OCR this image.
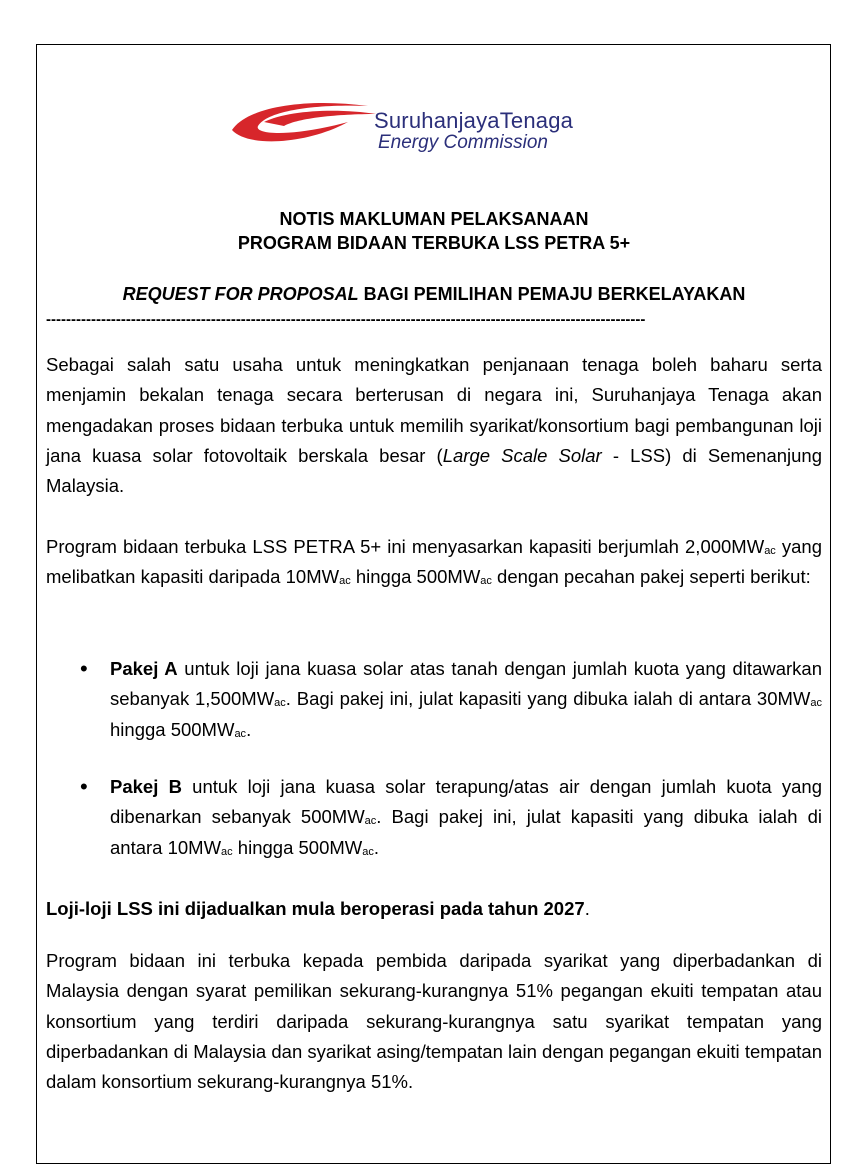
SuruhanjayaTenaga
Energy Commission
NOTIS MAKLUMAN PELAKSANAAN
PROGRAM BIDAAN TERBUKA LSS PETRA 5+
REQUEST FOR PROPOSAL BAGI PEMILIHAN PEMAJU BERKELAYAKAN
------------------------------------------------------------------------------------------------------------------------
Sebagai salah satu usaha untuk meningkatkan penjanaan tenaga boleh baharu serta menjamin bekalan tenaga secara berterusan di negara ini, Suruhanjaya Tenaga akan mengadakan proses bidaan terbuka untuk memilih syarikat/konsortium bagi pembangunan loji jana kuasa solar fotovoltaik berskala besar (Large Scale Solar - LSS) di Semenanjung Malaysia.
Program bidaan terbuka LSS PETRA 5+ ini menyasarkan kapasiti berjumlah $2,000MW_{ac}$ yang melibatkan kapasiti daripada $10MW_{ac}$ hingga $500MW_{ac}$ dengan pecahan pakej seperti berikut:
• Pakej A untuk loji jana kuasa solar atas tanah dengan jumlah kuota yang ditawarkan sebanyak $1,500MW_{ac}$. Bagi pakej ini, julat kapasiti yang dibuka ialah di antara $30MW_{ac}$ hingga $500MW_{ac}$.
• Pakej B untuk loji jana kuasa solar terapung/atas air dengan jumlah kuota yang dibenarkan sebanyak $500MW_{ac}$. Bagi pakej ini, julat kapasiti yang dibuka ialah di antara $10MW_{ac}$ hingga $500MW_{ac}$.
Loji-loji LSS ini dijadualkan mula beroperasi pada tahun 2027.
Program bidaan ini terbuka kepada pembida daripada syarikat yang diperbadankan di Malaysia dengan syarat pemilikan sekurang-kurangnya 51% pegangan ekuiti tempatan atau konsortium yang terdiri daripada sekurang-kurangnya satu syarikat tempatan yang diperbadankan di Malaysia dan syarikat asing/tempatan lain dengan pegangan ekuiti tempatan dalam konsortium sekurang-kurangnya 51%.
